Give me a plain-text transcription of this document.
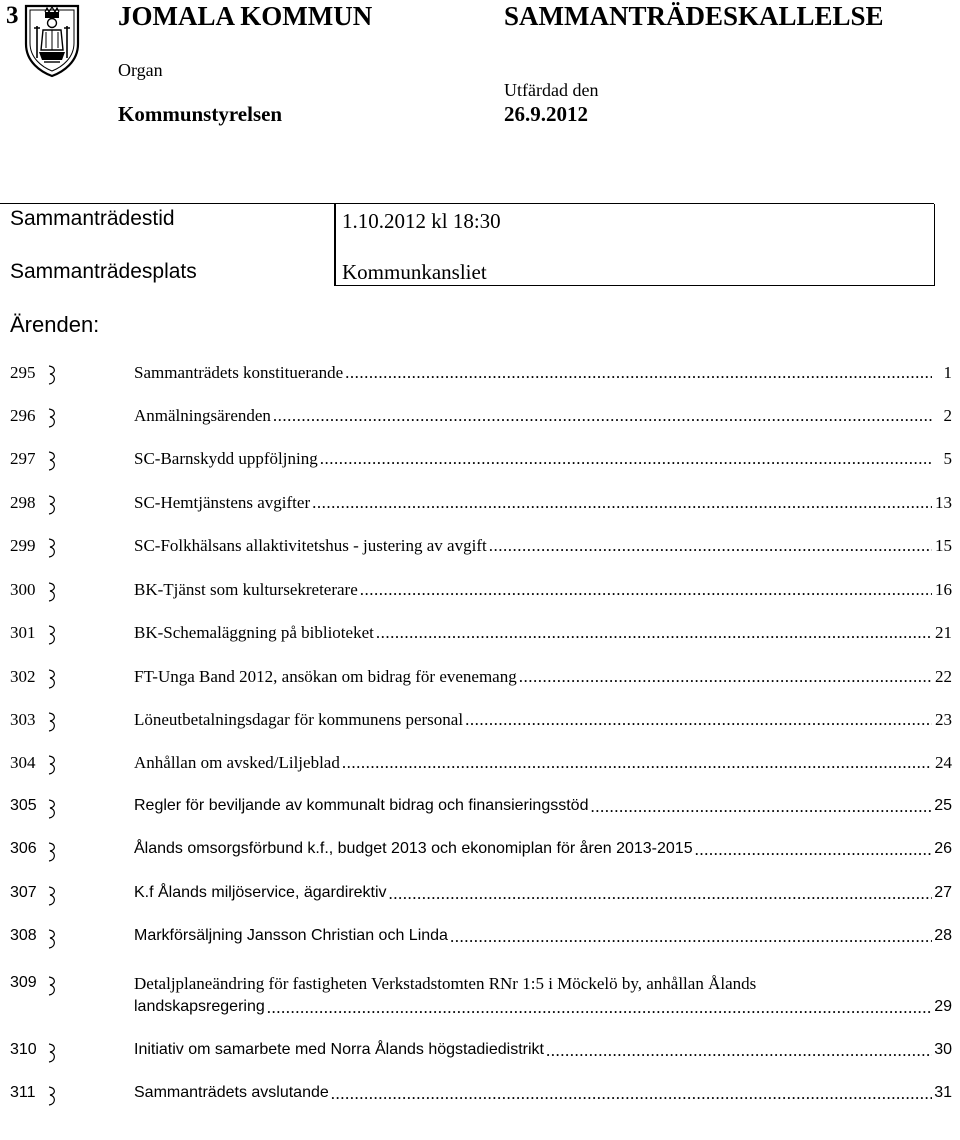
3	JOMALA KOMMUN	SAMMANTRÄDESKALLELSE
Organ
Utfärdad den
Kommunstyrelsen	26.9.2012
Sammanträdestid	1.10.2012 kl 18:30
Sammanträdesplats	Kommunkansliet
Ärenden:
295	Sammanträdets konstituerande .....	1
296	Anmälningsärenden .....	2
297	SC-Barnskydd uppföljning .....	5
298	SC-Hemtjänstens avgifter .....	13
299	SC-Folkhälsans allaktivitetshus - justering av avgift .....	15
300	BK-Tjänst som kultursekreterare .....	16
301	BK-Schemaläggning på biblioteket .....	21
302	FT-Unga Band 2012, ansökan om bidrag för evenemang .....	22
303	Löneutbetalningsdagar för kommunens personal .....	23
304	Anhållan om avsked/Liljeblad .....	24
305	Regler för beviljande av kommunalt bidrag och finansieringsstöd .....	25
306	Ålands omsorgsförbund k.f., budget 2013 och ekonomiplan för åren 2013-2015 .....	26
307	K.f Ålands miljöservice, ägardirektiv .....	27
308	Markförsäljning Jansson Christian och Linda .....	28
309	Detaljplaneändring för fastigheten Verkstadstomten RNr 1:5 i Möckelö by, anhållan Ålands
landskapsregering .....	29
310	Initiativ om samarbete med Norra Ålands högstadiedistrikt .....	30
311	Sammanträdets avslutande .....	31
